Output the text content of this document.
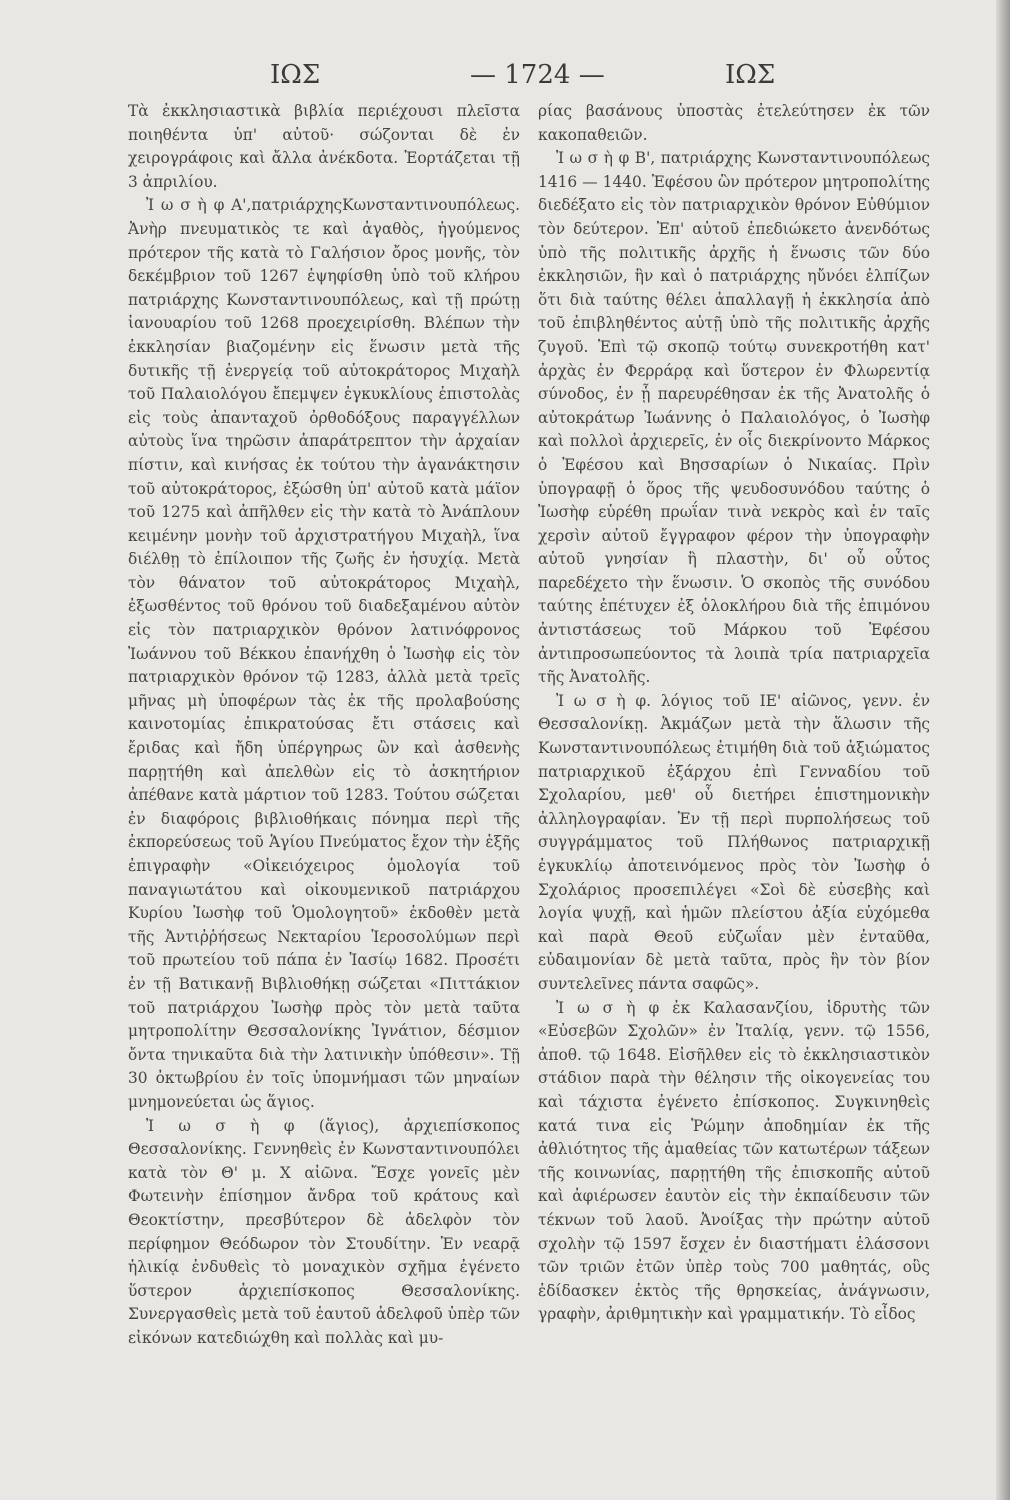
ΙΩΣ	— 1724 —	ΙΩΣ

Τὰ ἐκκλησιαστικὰ βιβλία περιέχουσι πλεῖστα ποιηθέντα ὑπ' αὐτοῦ· σώζονται δὲ ἐν χειρογράφοις καὶ ἄλλα ἀνέκδοτα. Ἑορτάζεται τῇ 3 ἀπριλίου.

Ἰ ω σ ὴ φ Α',πατριάρχηςΚωνσταντινουπόλεως. Ἀνὴρ πνευματικὸς τε καὶ ἀγαθὸς, ἡγούμενος πρότερον τῆς κατὰ τὸ Γαλήσιον ὄρος μονῆς, τὸν δεκέμβριον τοῦ 1267 ἐψηφίσθη ὑπὸ τοῦ κλήρου πατριάρχης Κωνσταντινουπόλεως, καὶ τῇ πρώτῃ ἰανουαρίου τοῦ 1268 προεχειρίσθη. Βλέπων τὴν ἐκκλησίαν βιαζομένην εἰς ἕνωσιν μετὰ τῆς δυτικῆς τῇ ἐνεργείᾳ τοῦ αὐτοκράτορος Μιχαὴλ τοῦ Παλαιολόγου ἔπεμψεν ἐγκυκλίους ἐπιστολὰς εἰς τοὺς ἀπανταχοῦ ὀρθοδόξους παραγγέλλων αὐτοὺς ἵνα τηρῶσιν ἀπαράτρεπτον τὴν ἀρχαίαν πίστιν, καὶ κινήσας ἐκ τούτου τὴν ἀγανάκτησιν τοῦ αὐτοκράτορος, ἐξώσθη ὑπ' αὐτοῦ κατὰ μάϊον τοῦ 1275 καὶ ἀπῆλθεν εἰς τὴν κατὰ τὸ Ἀνάπλουν κειμένην μονὴν τοῦ ἀρχιστρατήγου Μιχαὴλ, ἵνα διέλθῃ τὸ ἐπίλοιπον τῆς ζωῆς ἐν ἡσυχίᾳ. Μετὰ τὸν θάνατον τοῦ αὐτοκράτορος Μιχαὴλ, ἐξωσθέντος τοῦ θρόνου τοῦ διαδεξαμένου αὐτὸν εἰς τὸν πατριαρχικὸν θρόνον λατινόφρονος Ἰωάννου τοῦ Βέκκου ἐπανήχθη ὁ Ἰωσὴφ εἰς τὸν πατριαρχικὸν θρόνον τῷ 1283, ἀλλὰ μετὰ τρεῖς μῆνας μὴ ὑποφέρων τὰς ἐκ τῆς προλαβούσης καινοτομίας ἐπικρατούσας ἔτι στάσεις καὶ ἔριδας καὶ ἤδη ὑπέργηρως ὢν καὶ ἀσθενὴς παρῃτήθη καὶ ἀπελθὼν εἰς τὸ ἀσκητήριον ἀπέθανε κατὰ μάρτιον τοῦ 1283. Τούτου σώζεται ἐν διαφόροις βιβλιοθήκαις πόνημα περὶ τῆς ἐκπορεύσεως τοῦ Ἁγίου Πνεύματος ἔχον τὴν ἑξῆς ἐπιγραφὴν «Οἰκειόχειρος ὁμολογία τοῦ παναγιωτάτου καὶ οἰκουμενικοῦ πατριάρχου Κυρίου Ἰωσὴφ τοῦ Ὁμολογητοῦ» ἐκδοθὲν μετὰ τῆς Ἀντιῤῥήσεως Νεκταρίου Ἱεροσολύμων περὶ τοῦ πρωτείου τοῦ πάπα ἐν Ἰασίῳ 1682. Προσέτι ἐν τῇ Βατικανῇ Βιβλιοθήκῃ σώζεται «Πιττάκιον τοῦ πατριάρχου Ἰωσὴφ πρὸς τὸν μετὰ ταῦτα μητροπολίτην Θεσσαλονίκης Ἰγνάτιον, δέσμιον ὄντα τηνικαῦτα διὰ τὴν λατινικὴν ὑπόθεσιν». Τῇ 30 ὀκτωβρίου ἐν τοῖς ὑπομνήμασι τῶν μηναίων μνημονεύεται ὡς ἅγιος.

Ἰ ω σ ὴ φ (ἅγιος), ἀρχιεπίσκοπος Θεσσαλονίκης. Γεννηθεὶς ἐν Κωνσταντινουπόλει κατὰ τὸν Θ' μ. Χ αἰῶνα. Ἔσχε γονεῖς μὲν Φωτεινὴν ἐπίσημον ἄνδρα τοῦ κράτους καὶ Θεοκτίστην, πρεσβύτερον δὲ ἀδελφὸν τὸν περίφημον Θεόδωρον τὸν Στουδίτην. Ἐν νεαρᾷ ἡλικίᾳ ἐνδυθεὶς τὸ μοναχικὸν σχῆμα ἐγένετο ὕστερον ἀρχιεπίσκοπος Θεσσαλονίκης. Συνεργασθεὶς μετὰ τοῦ ἑαυτοῦ ἀδελφοῦ ὑπὲρ τῶν εἰκόνων κατεδιώχθη καὶ πολλὰς καὶ μυ-

ρίας βασάνους ὑποστὰς ἐτελεύτησεν ἐκ τῶν κακοπαθειῶν.

Ἰ ω σ ὴ φ Β', πατριάρχης Κωνσταντινουπόλεως 1416 — 1440. Ἐφέσου ὢν πρότερον μητροπολίτης διεδέξατο εἰς τὸν πατριαρχικὸν θρόνον Εὐθύμιον τὸν δεύτερον. Ἐπ' αὐτοῦ ἐπεδιώκετο ἀνενδότως ὑπὸ τῆς πολιτικῆς ἀρχῆς ἡ ἕνωσις τῶν δύο ἐκκλησιῶν, ἣν καὶ ὁ πατριάρχης ηὔνόει ἐλπίζων ὅτι διὰ ταύτης θέλει ἀπαλλαγῇ ἡ ἐκκλησία ἀπὸ τοῦ ἐπιβληθέντος αὐτῇ ὑπὸ τῆς πολιτικῆς ἀρχῆς ζυγοῦ. Ἐπὶ τῷ σκοπῷ τούτῳ συνεκροτήθη κατ' ἀρχὰς ἐν Φερράρᾳ καὶ ὕστερον ἐν Φλωρεντίᾳ σύνοδος, ἐν ᾗ παρευρέθησαν ἐκ τῆς Ἀνατολῆς ὁ αὐτοκράτωρ Ἰωάννης ὁ Παλαιολόγος, ὁ Ἰωσὴφ καὶ πολλοὶ ἀρχιερεῖς, ἐν οἷς διεκρίνοντο Μάρκος ὁ Ἐφέσου καὶ Βησσαρίων ὁ Νικαίας. Πρὶν ὑπογραφῇ ὁ ὅρος τῆς ψευδοσυνόδου ταύτης ὁ Ἰωσὴφ εὑρέθη πρωΐαν τινὰ νεκρὸς καὶ ἐν ταῖς χερσὶν αὐτοῦ ἔγγραφον φέρον τὴν ὑπογραφὴν αὐτοῦ γνησίαν ἢ πλαστὴν, δι' οὗ οὗτος παρεδέχετο τὴν ἕνωσιν. Ὁ σκοπὸς τῆς συνόδου ταύτης ἐπέτυχεν ἐξ ὁλοκλήρου διὰ τῆς ἐπιμόνου ἀντιστάσεως τοῦ Μάρκου τοῦ Ἐφέσου ἀντιπροσωπεύοντος τὰ λοιπὰ τρία πατριαρχεῖα τῆς Ἀνατολῆς.

Ἰ ω σ ὴ φ. λόγιος τοῦ ΙΕ' αἰῶνος, γενν. ἐν Θεσσαλονίκῃ. Ἀκμάζων μετὰ τὴν ἅλωσιν τῆς Κωνσταντινουπόλεως ἐτιμήθη διὰ τοῦ ἀξιώματος πατριαρχικοῦ ἐξάρχου ἐπὶ Γενναδίου τοῦ Σχολαρίου, μεθ' οὗ διετήρει ἐπιστημονικὴν ἀλληλογραφίαν. Ἐν τῇ περὶ πυρπολήσεως τοῦ συγγράμματος τοῦ Πλήθωνος πατριαρχικῇ ἐγκυκλίῳ ἀποτεινόμενος πρὸς τὸν Ἰωσὴφ ὁ Σχολάριος προσεπιλέγει «Σοὶ δὲ εὐσεβὴς καὶ λογία ψυχῇ, καὶ ἡμῶν πλείστου ἀξία εὐχόμεθα καὶ παρὰ Θεοῦ εὐζωΐαν μὲν ἐνταῦθα, εὐδαιμονίαν δὲ μετὰ ταῦτα, πρὸς ἣν τὸν βίον συντελεῖνες πάντα σαφῶς».

Ἰ ω σ ὴ φ ἐκ Καλασανζίου, ἱδρυτὴς τῶν «Εὐσεβῶν Σχολῶν» ἐν Ἰταλίᾳ, γενν. τῷ 1556, ἀποθ. τῷ 1648. Εἰσῆλθεν εἰς τὸ ἐκκλησιαστικὸν στάδιον παρὰ τὴν θέλησιν τῆς οἰκογενείας του καὶ τάχιστα ἐγένετο ἐπίσκοπος. Συγκινηθεὶς κατά τινα εἰς Ῥώμην ἀποδημίαν ἐκ τῆς ἀθλιότητος τῆς ἀμαθείας τῶν κατωτέρων τάξεων τῆς κοινωνίας, παρῃτήθη τῆς ἐπισκοπῆς αὐτοῦ καὶ ἀφιέρωσεν ἑαυτὸν εἰς τὴν ἐκπαίδευσιν τῶν τέκνων τοῦ λαοῦ. Ἀνοίξας τὴν πρώτην αὐτοῦ σχολὴν τῷ 1597 ἔσχεν ἐν διαστήματι ἐλάσσονι τῶν τριῶν ἐτῶν ὑπὲρ τοὺς 700 μαθητάς, οὓς ἐδίδασκεν ἐκτὸς τῆς θρησκείας, ἀνάγνωσιν, γραφὴν, ἀριθμητικὴν καὶ γραμματικήν. Τὸ εἶδος
